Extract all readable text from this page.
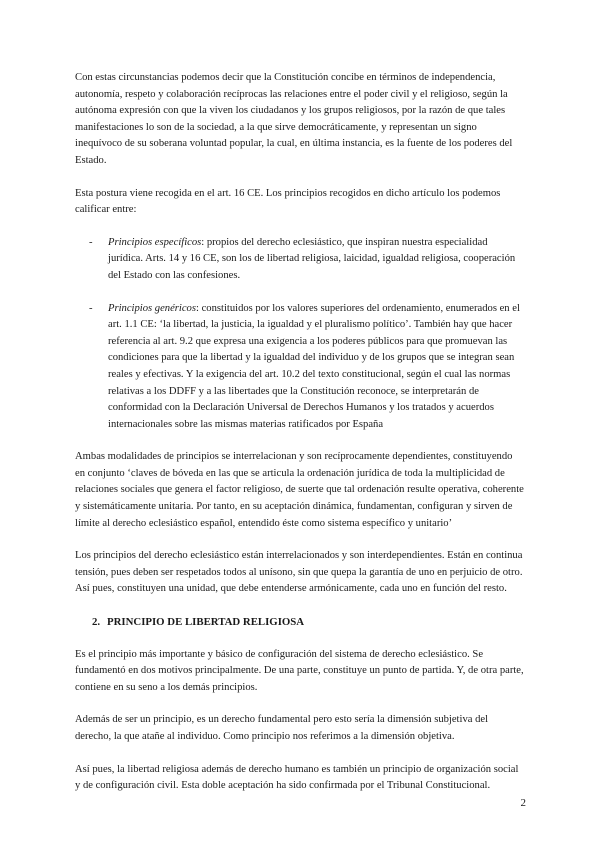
Con estas circunstancias podemos decir que la Constitución concibe en términos de independencia, autonomía, respeto y colaboración recíprocas las relaciones entre el poder civil y el religioso, según la autónoma expresión con que la viven los ciudadanos y los grupos religiosos, por la razón de que tales manifestaciones lo son de la sociedad, a la que sirve democráticamente, y representan un signo inequívoco de su soberana voluntad popular, la cual, en última instancia, es la fuente de los poderes del Estado.

Esta postura viene recogida en el art. 16 CE. Los principios recogidos en dicho artículo los podemos calificar entre:

- Principios específicos: propios del derecho eclesiástico, que inspiran nuestra especialidad jurídica. Arts. 14 y 16 CE, son los de libertad religiosa, laicidad, igualdad religiosa, cooperación del Estado con las confesiones.

- Principios genéricos: constituidos por los valores superiores del ordenamiento, enumerados en el art. 1.1 CE: ‘la libertad, la justicia, la igualdad y el pluralismo político’. También hay que hacer referencia al art. 9.2 que expresa una exigencia a los poderes públicos para que promuevan las condiciones para que la libertad y la igualdad del individuo y de los grupos que se integran sean reales y efectivas. Y la exigencia del art. 10.2 del texto constitucional, según el cual las normas relativas a los DDFF y a las libertades que la Constitución reconoce, se interpretarán de conformidad con la Declaración Universal de Derechos Humanos y los tratados y acuerdos internacionales sobre las mismas materias ratificados por España

Ambas modalidades de principios se interrelacionan y son recíprocamente dependientes, constituyendo en conjunto ‘claves de bóveda en las que se articula la ordenación jurídica de toda la multiplicidad de relaciones sociales que genera el factor religioso, de suerte que tal ordenación resulte operativa, coherente y sistemáticamente unitaria. Por tanto, en su aceptación dinámica, fundamentan, configuran y sirven de límite al derecho eclesiástico español, entendido éste como sistema específico y unitario’

Los principios del derecho eclesiástico están interrelacionados y son interdependientes. Están en continua tensión, pues deben ser respetados todos al unísono, sin que quepa la garantía de uno en perjuicio de otro. Así pues, constituyen una unidad, que debe entenderse armónicamente, cada uno en función del resto.

2. PRINCIPIO DE LIBERTAD RELIGIOSA

Es el principio más importante y básico de configuración del sistema de derecho eclesiástico. Se fundamentó en dos motivos principalmente. De una parte, constituye un punto de partida. Y, de otra parte, contiene en su seno a los demás principios.

Además de ser un principio, es un derecho fundamental pero esto sería la dimensión subjetiva del derecho, la que atañe al individuo. Como principio nos referimos a la dimensión objetiva.

Así pues, la libertad religiosa además de derecho humano es también un principio de organización social y de configuración civil. Esta doble aceptación ha sido confirmada por el Tribunal Constitucional.

2
